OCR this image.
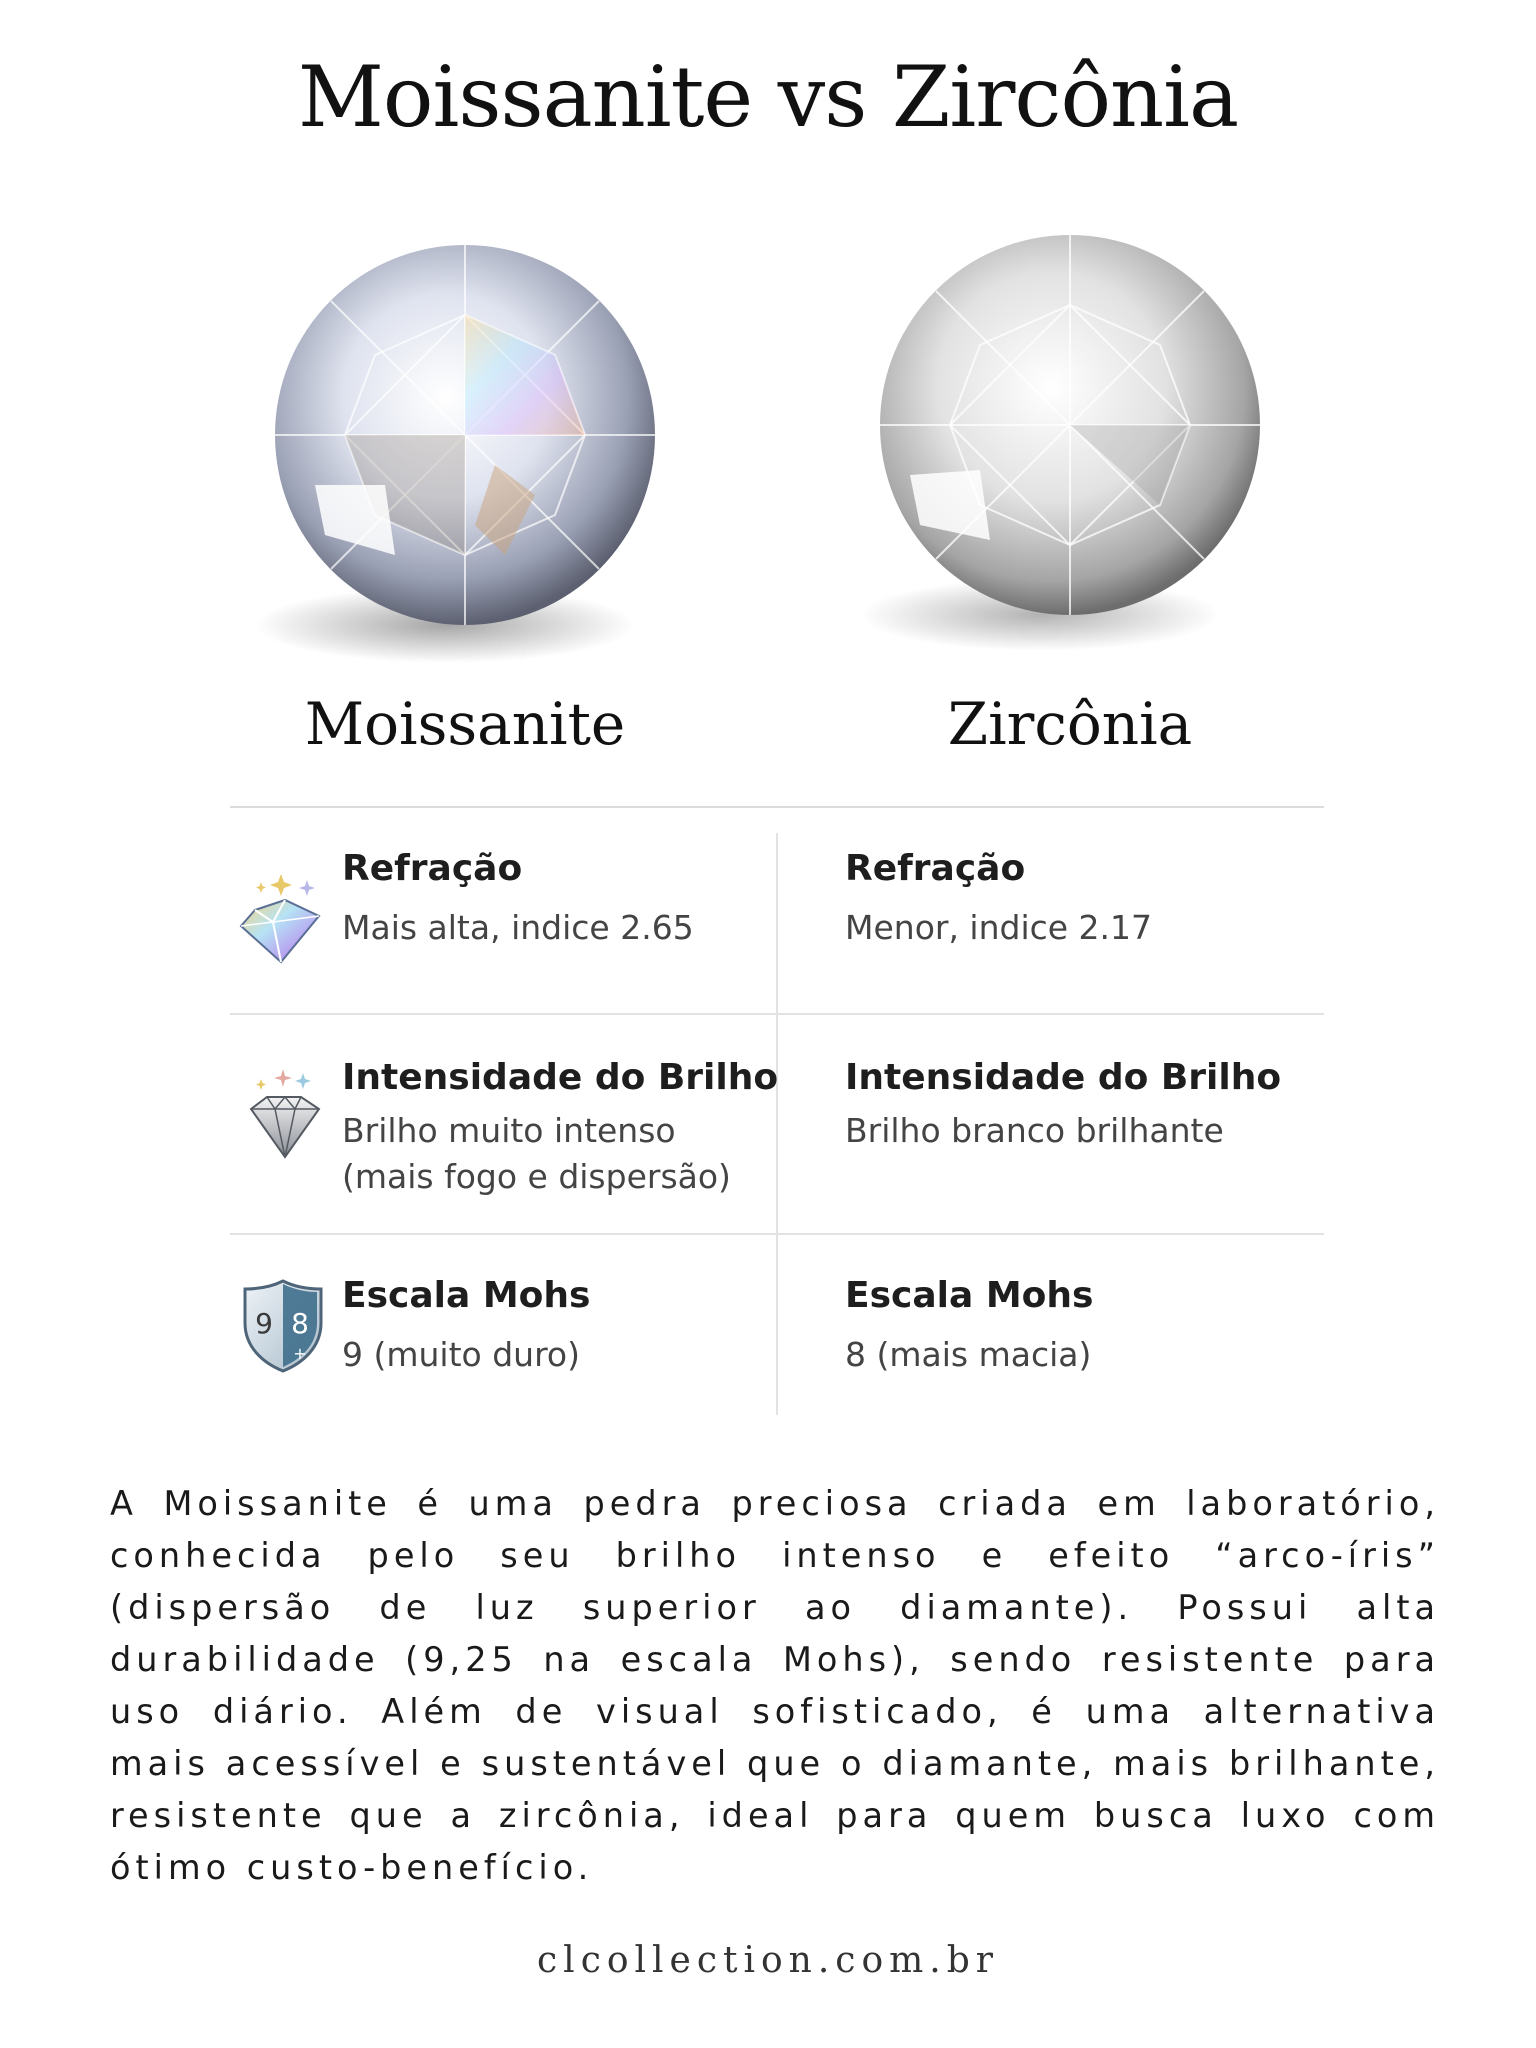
Moissanite vs Zircônia
Moissanite	Zircônia

Refração

Mais alta, indice 2.65

Refração

Menor, indice 2.17

Intensidade do Brilho

Brilho muito intenso

(mais fogo e dispersão)

Intensidade do Brilho

Brilho branco brilhante

9 8
+

Escala Mohs

9 (muito duro)

Escala Mohs

8 (mais macia)

A Moissanite é uma pedra preciosa criada em laboratório, conhecida pelo seu brilho intenso e efeito “arco-íris” (dispersão de luz superior ao diamante). Possui alta durabilidade (9,25 na escala Mohs), sendo resistente para uso diário. Além de visual sofisticado, é uma alternativa mais acessível e sustentável que o diamante, mais brilhante, resistente que a zircônia, ideal para quem busca luxo com ótimo custo-benefício.

clcollection.com.br
